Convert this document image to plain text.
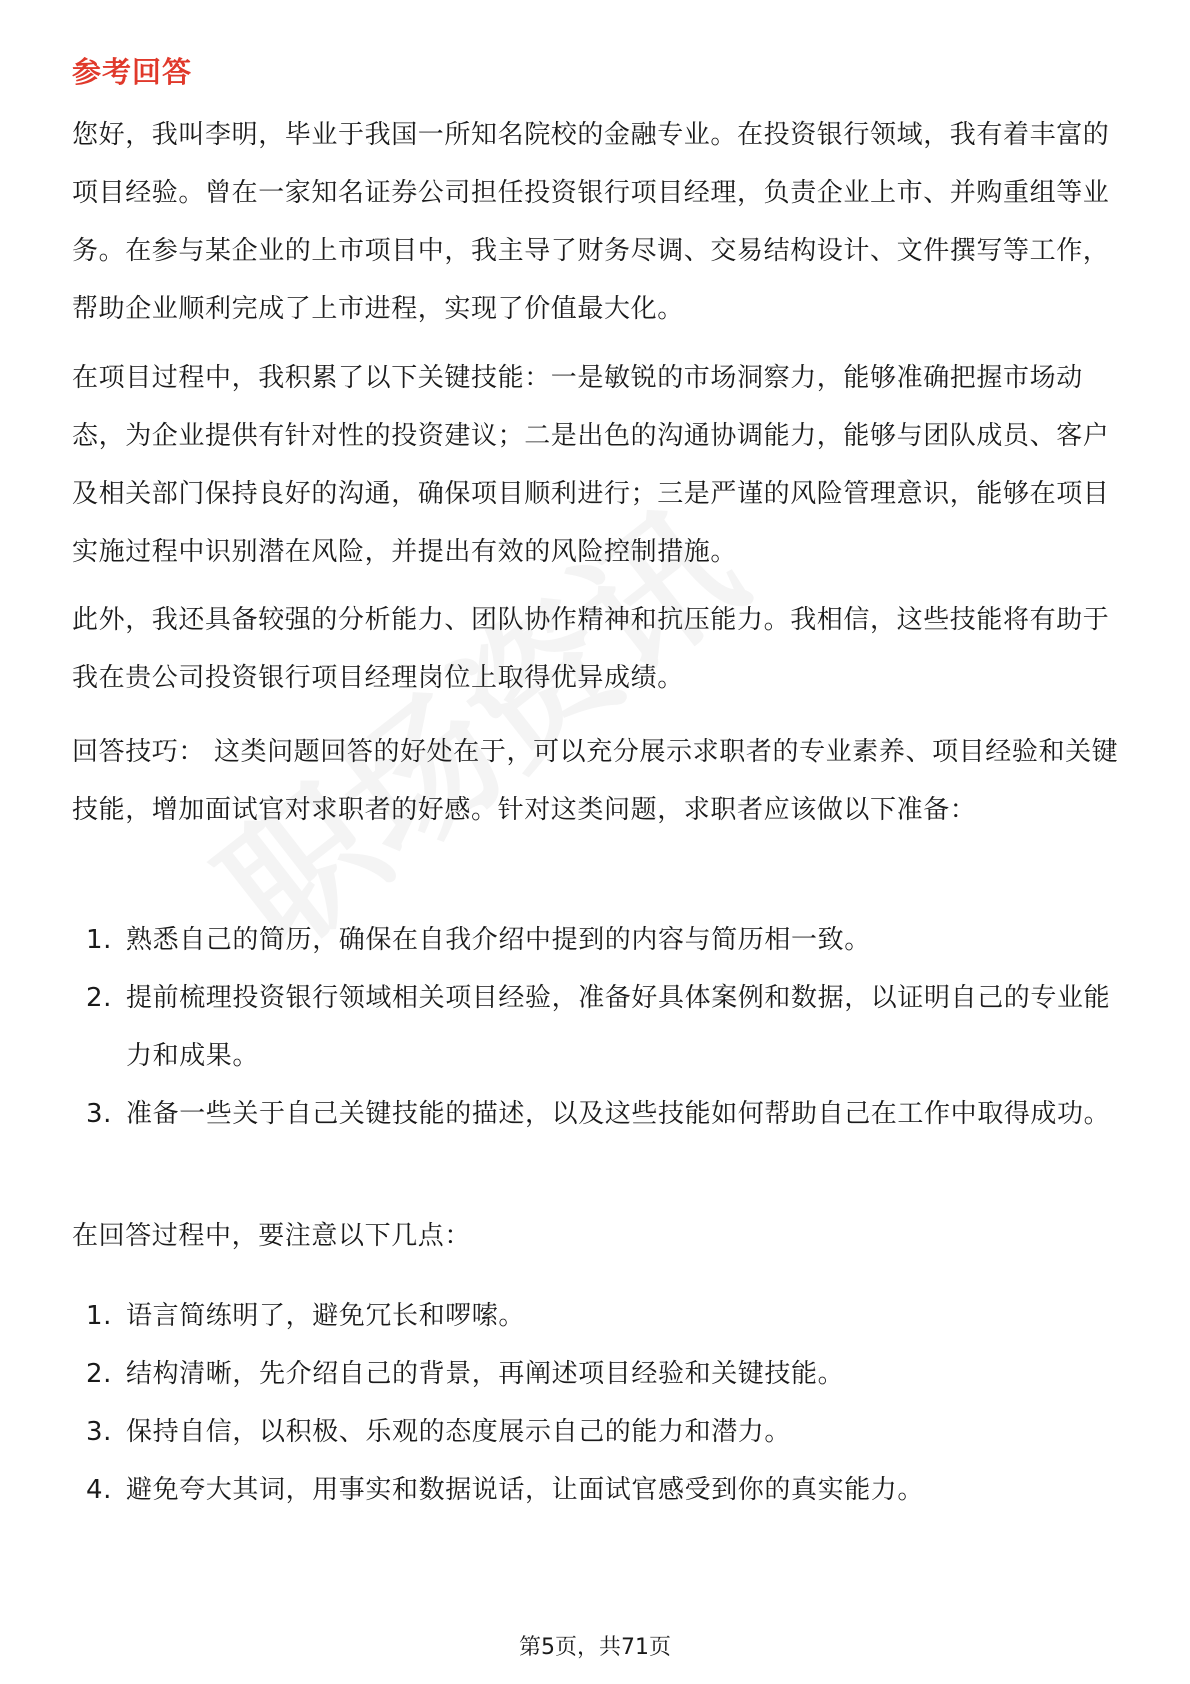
参考回答

您好，我叫李明，毕业于我国一所知名院校的金融专业。在投资银行领域，我有着丰富的项目经验。曾在一家知名证券公司担任投资银行项目经理，负责企业上市、并购重组等业务。在参与某企业的上市项目中，我主导了财务尽调、交易结构设计、文件撰写等工作，帮助企业顺利完成了上市进程，实现了价值最大化。

在项目过程中，我积累了以下关键技能：一是敏锐的市场洞察力，能够准确把握市场动态，为企业提供有针对性的投资建议；二是出色的沟通协调能力，能够与团队成员、客户及相关部门保持良好的沟通，确保项目顺利进行；三是严谨的风险管理意识，能够在项目实施过程中识别潜在风险，并提出有效的风险控制措施。

此外，我还具备较强的分析能力、团队协作精神和抗压能力。我相信，这些技能将有助于我在贵公司投资银行项目经理岗位上取得优异成绩。

回答技巧： 这类问题回答的好处在于，可以充分展示求职者的专业素养、项目经验和关键技能，增加面试官对求职者的好感。针对这类问题，求职者应该做以下准备：

1. 熟悉自己的简历，确保在自我介绍中提到的内容与简历相一致。
2. 提前梳理投资银行领域相关项目经验，准备好具体案例和数据，以证明自己的专业能力和成果。
3. 准备一些关于自己关键技能的描述，以及这些技能如何帮助自己在工作中取得成功。

在回答过程中，要注意以下几点：

1. 语言简练明了，避免冗长和啰嗦。
2. 结构清晰，先介绍自己的背景，再阐述项目经验和关键技能。
3. 保持自信，以积极、乐观的态度展示自己的能力和潜力。
4. 避免夸大其词，用事实和数据说话，让面试官感受到你的真实能力。
第5页，共71页
